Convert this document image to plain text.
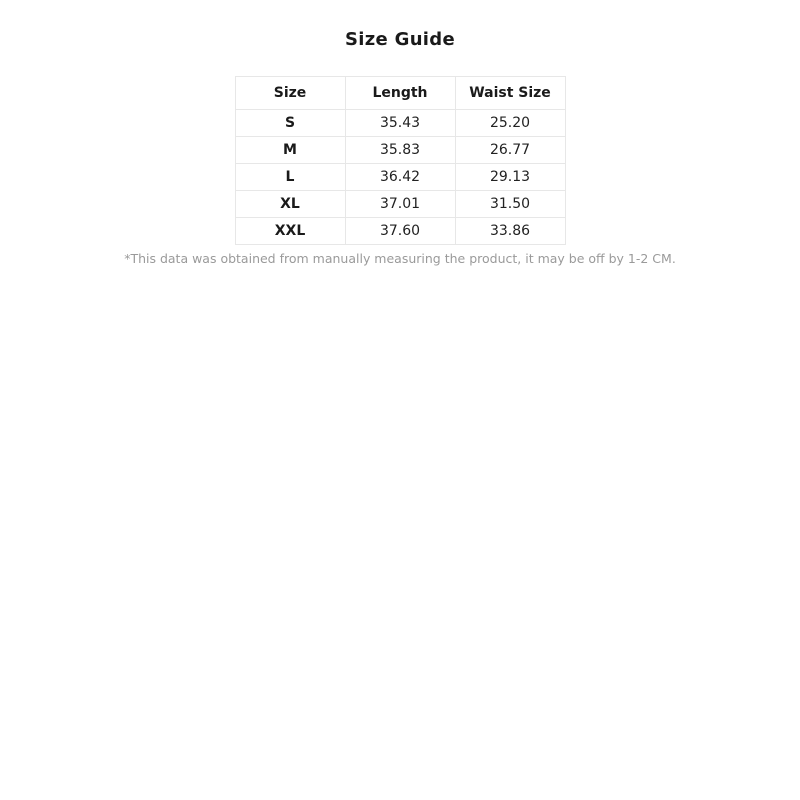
Size Guide
Size	Length	Waist Size
S	35.43	25.20
M	35.83	26.77
L	36.42	29.13
XL	37.01	31.50
XXL	37.60	33.86
*This data was obtained from manually measuring the product, it may be off by 1-2 CM.
